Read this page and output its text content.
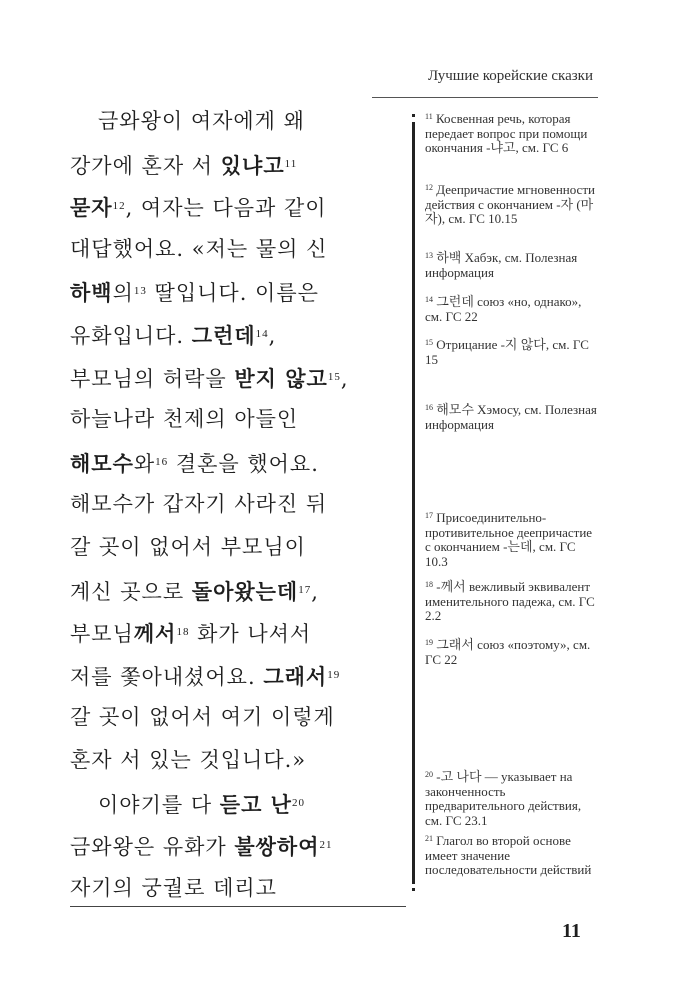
Лучшие корейские сказки
금와왕이 여자에게 왜
강가에 혼자 서 있냐고$^{11}$
묻자$^{12}$, 여자는 다음과 같이
대답했어요. «저는 물의 신
하백의$^{13}$ 딸입니다. 이름은
유화입니다. 그런데$^{14}$,
부모님의 허락을 받지 않고$^{15}$,
하늘나라 천제의 아들인
해모수와$^{16}$ 결혼을 했어요.
해모수가 갑자기 사라진 뒤
갈 곳이 없어서 부모님이
계신 곳으로 돌아왔는데$^{17}$,
부모님께서$^{18}$ 화가 나셔서
저를 쫓아내셨어요. 그래서$^{19}$
갈 곳이 없어서 여기 이렇게
혼자 서 있는 것입니다.»
이야기를 다 듣고 난$^{20}$
금와왕은 유화가 불쌍하여$^{21}$
자기의 궁궐로 데리고
$^{11}$ Косвенная речь, которая передает вопрос при помощи окончания -냐고, см. ГС 6
$^{12}$ Деепричастие мгновенности действия с окончанием -자 (마자), см. ГС 10.15
$^{13}$ 하백 Хабэк, см. Полезная информация
$^{14}$ 그런데 союз «но, однако», см. ГС 22
$^{15}$ Отрицание -지 않다, см. ГС 15
$^{16}$ 해모수 Хэмосу, см. Полезная информация
$^{17}$ Присоединительно-противительное деепричастие с окончанием -는데, см. ГС 10.3
$^{18}$ -께서 вежливый эквивалент именительного падежа, см. ГС 2.2
$^{19}$ 그래서 союз «поэтому», см. ГС 22
$^{20}$ -고 나다 — указывает на законченность предварительного действия, см. ГС 23.1
$^{21}$ Глагол во второй основе имеет значение последовательности действий
11
